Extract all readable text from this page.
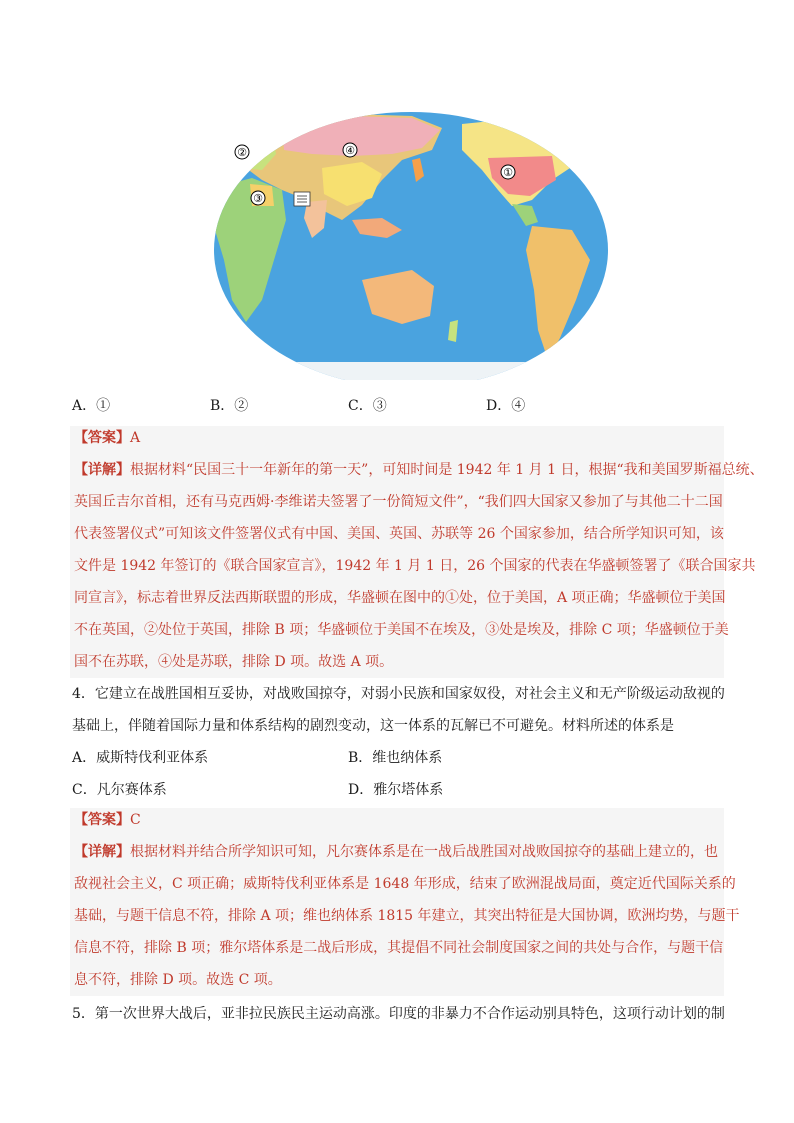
①
②
③
④
A．①	B．②	C．③	D．④
【答案】A
【详解】根据材料“民国三十一年新年的第一天”，可知时间是 1942 年 1 月 1 日，根据“我和美国罗斯福总统、
英国丘吉尔首相，还有马克西姆·李维诺夫签署了一份简短文件”，“我们四大国家又参加了与其他二十二国
代表签署仪式”可知该文件签署仪式有中国、美国、英国、苏联等 26 个国家参加，结合所学知识可知，该
文件是 1942 年签订的《联合国家宣言》，1942 年 1 月 1 日，26 个国家的代表在华盛顿签署了《联合国家共
同宣言》，标志着世界反法西斯联盟的形成，华盛顿在图中的①处，位于美国，A 项正确；华盛顿位于美国
不在英国，②处位于英国，排除 B 项；华盛顿位于美国不在埃及，③处是埃及，排除 C 项；华盛顿位于美
国不在苏联，④处是苏联，排除 D 项。故选 A 项。
4．它建立在战胜国相互妥协，对战败国掠夺，对弱小民族和国家奴役，对社会主义和无产阶级运动敌视的
基础上，伴随着国际力量和体系结构的剧烈变动，这一体系的瓦解已不可避免。材料所述的体系是
A．威斯特伐利亚体系	B．维也纳体系
C．凡尔赛体系	D．雅尔塔体系
【答案】C
【详解】根据材料并结合所学知识可知，凡尔赛体系是在一战后战胜国对战败国掠夺的基础上建立的，也
敌视社会主义，C 项正确；威斯特伐利亚体系是 1648 年形成，结束了欧洲混战局面，奠定近代国际关系的
基础，与题干信息不符，排除 A 项；维也纳体系 1815 年建立，其突出特征是大国协调，欧洲均势，与题干
信息不符，排除 B 项；雅尔塔体系是二战后形成，其提倡不同社会制度国家之间的共处与合作，与题干信
息不符，排除 D 项。故选 C 项。
5．第一次世界大战后，亚非拉民族民主运动高涨。印度的非暴力不合作运动别具特色，这项行动计划的制
